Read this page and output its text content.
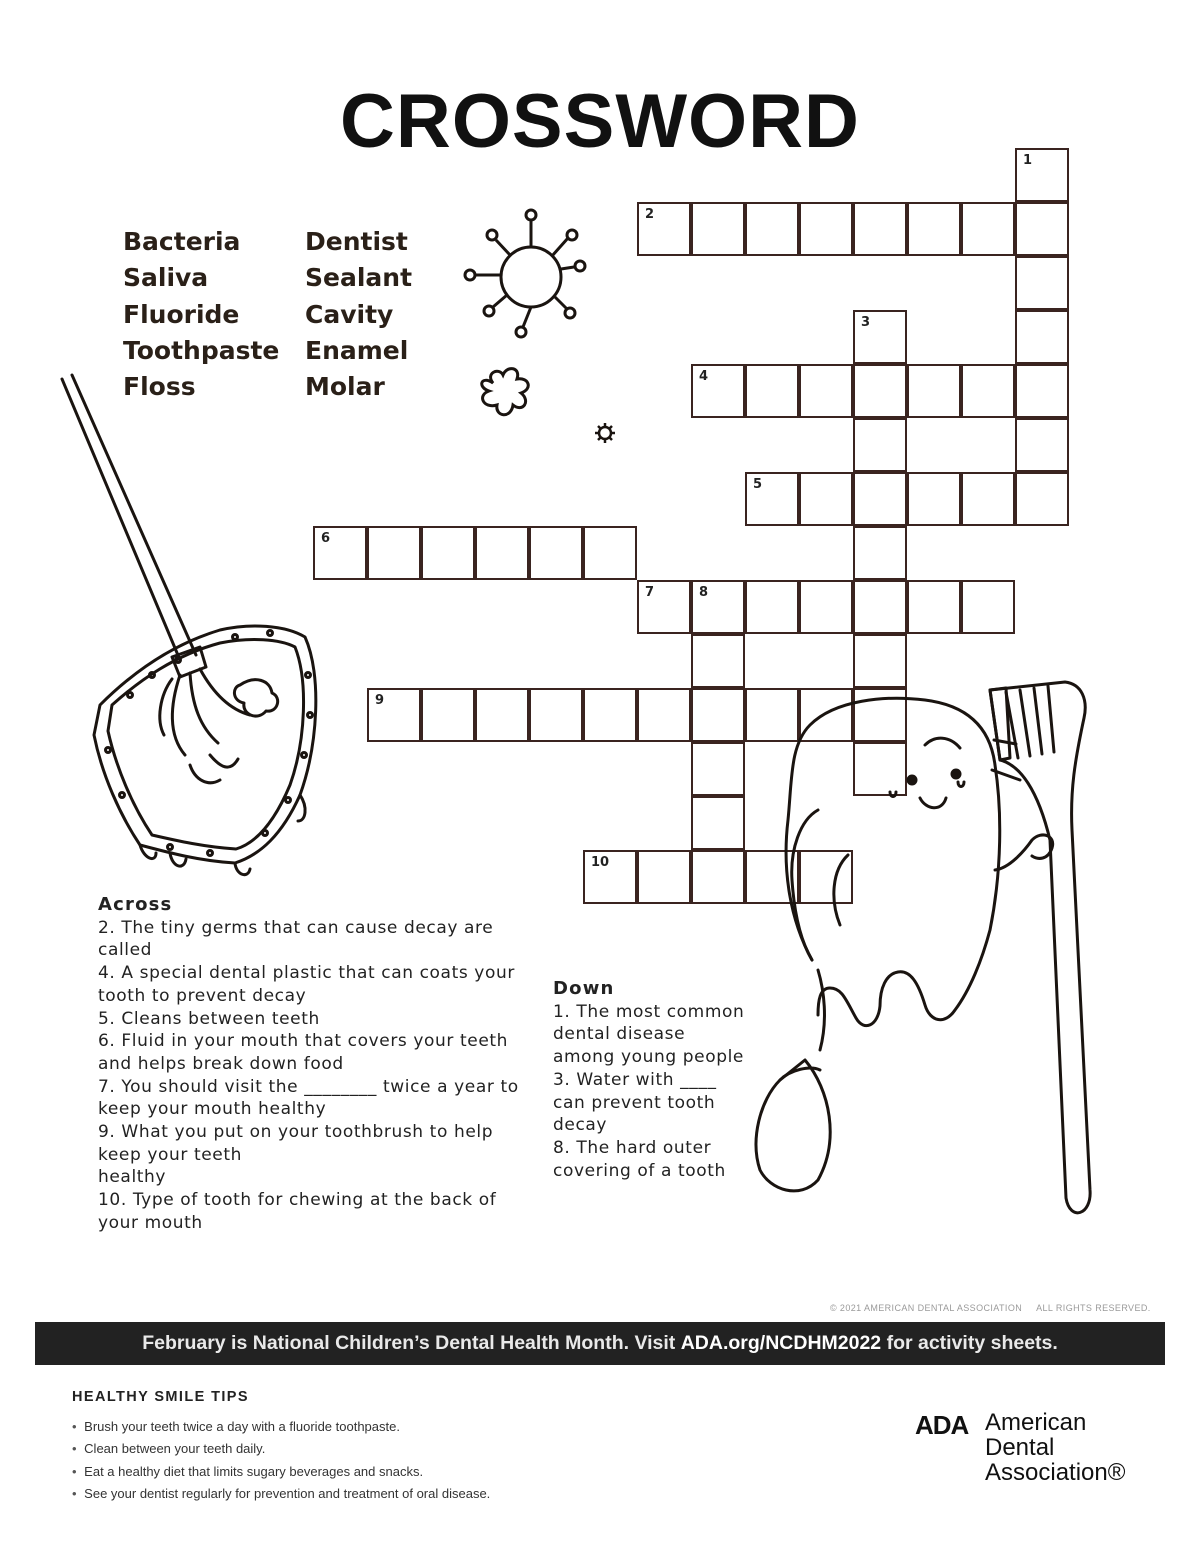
CROSSWORD
Bacteria
Saliva
Fluoride
Toothpaste
Floss
Dentist
Sealant
Cavity
Enamel
Molar
1
2
3
4
5
6
7	8
9
10
Across
2. The tiny germs that can cause decay are called
4. A special dental plastic that can coats your tooth to prevent decay
5. Cleans between teeth
6. Fluid in your mouth that covers your teeth and helps break down food
7. You should visit the ________ twice a year to keep your mouth healthy
9. What you put on your toothbrush to help keep your teeth
healthy
10. Type of tooth for chewing at the back of your mouth
Down
1. The most common dental disease among young people
3. Water with ____ can prevent tooth decay
8. The hard outer covering of a tooth
© 2021 AMERICAN DENTAL ASSOCIATION ALL RIGHTS RESERVED.
February is National Children’s Dental Health Month. Visit ADA.org/NCDHM2022 for activity sheets.
HEALTHY SMILE TIPS
• Brush your teeth twice a day with a fluoride toothpaste.
• Clean between your teeth daily.
• Eat a healthy diet that limits sugary beverages and snacks.
• See your dentist regularly for prevention and treatment of oral disease.
ADA American
Dental
Association®
